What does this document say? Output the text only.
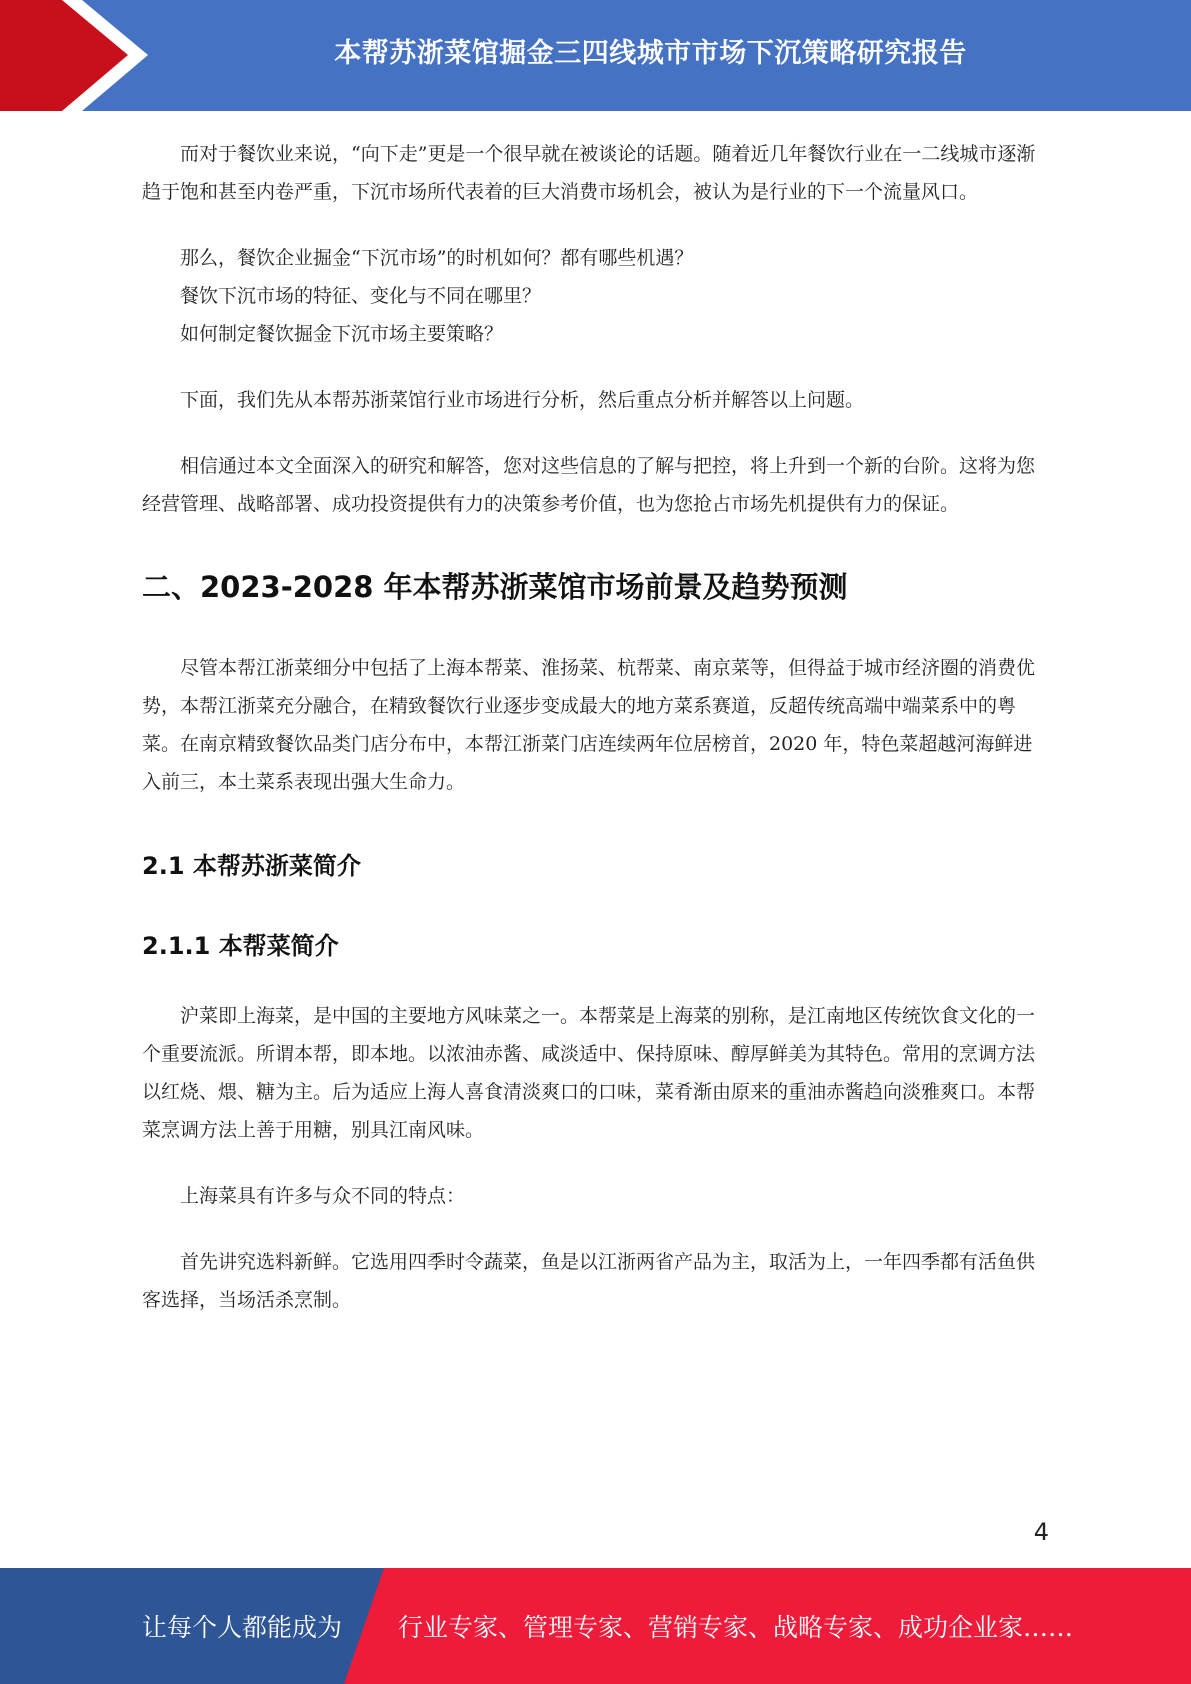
本帮苏浙菜馆掘金三四线城市市场下沉策略研究报告

而对于餐饮业来说，“向下走”更是一个很早就在被谈论的话题。随着近几年餐饮行业在一二线城市逐渐趋于饱和甚至内卷严重，下沉市场所代表着的巨大消费市场机会，被认为是行业的下一个流量风口。

那么，餐饮企业掘金“下沉市场”的时机如何？都有哪些机遇？

餐饮下沉市场的特征、变化与不同在哪里？

如何制定餐饮掘金下沉市场主要策略？

下面，我们先从本帮苏浙菜馆行业市场进行分析，然后重点分析并解答以上问题。

相信通过本文全面深入的研究和解答，您对这些信息的了解与把控，将上升到一个新的台阶。这将为您经营管理、战略部署、成功投资提供有力的决策参考价值，也为您抢占市场先机提供有力的保证。

二、2023-2028 年本帮苏浙菜馆市场前景及趋势预测

尽管本帮江浙菜细分中包括了上海本帮菜、淮扬菜、杭帮菜、南京菜等，但得益于城市经济圈的消费优势，本帮江浙菜充分融合，在精致餐饮行业逐步变成最大的地方菜系赛道，反超传统高端中端菜系中的粤菜。在南京精致餐饮品类门店分布中，本帮江浙菜门店连续两年位居榜首，2020 年，特色菜超越河海鲜进入前三，本土菜系表现出强大生命力。

2.1 本帮苏浙菜简介
2.1.1 本帮菜简介

沪菜即上海菜，是中国的主要地方风味菜之一。本帮菜是上海菜的别称，是江南地区传统饮食文化的一个重要流派。所谓本帮，即本地。以浓油赤酱、咸淡适中、保持原味、醇厚鲜美为其特色。常用的烹调方法以红烧、煨、糖为主。后为适应上海人喜食清淡爽口的口味，菜肴渐由原来的重油赤酱趋向淡雅爽口。本帮菜烹调方法上善于用糖，别具江南风味。

上海菜具有许多与众不同的特点：

首先讲究选料新鲜。它选用四季时令蔬菜，鱼是以江浙两省产品为主，取活为上，一年四季都有活鱼供客选择，当场活杀烹制。

4
让每个人都能成为 行业专家、管理专家、营销专家、战略专家、成功企业家……
